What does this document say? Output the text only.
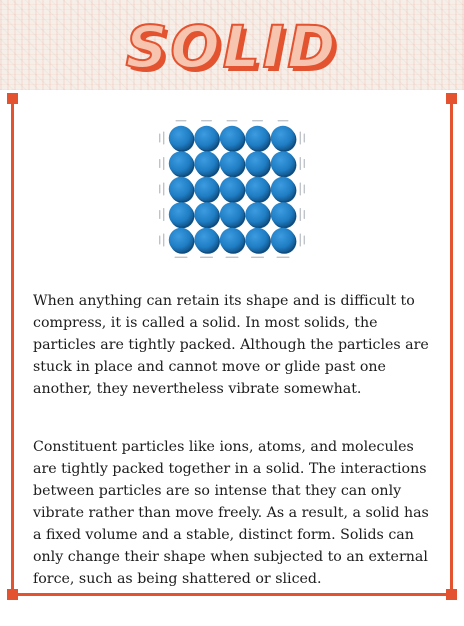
SOLID

When anything can retain its shape and is difficult to compress, it is called a solid. In most solids, the particles are tightly packed. Although the particles are stuck in place and cannot move or glide past one another, they nevertheless vibrate somewhat.

Constituent particles like ions, atoms, and molecules are tightly packed together in a solid. The interactions between particles are so intense that they can only vibrate rather than move freely. As a result, a solid has a fixed volume and a stable, distinct form. Solids can only change their shape when subjected to an external force, such as being shattered or sliced.
